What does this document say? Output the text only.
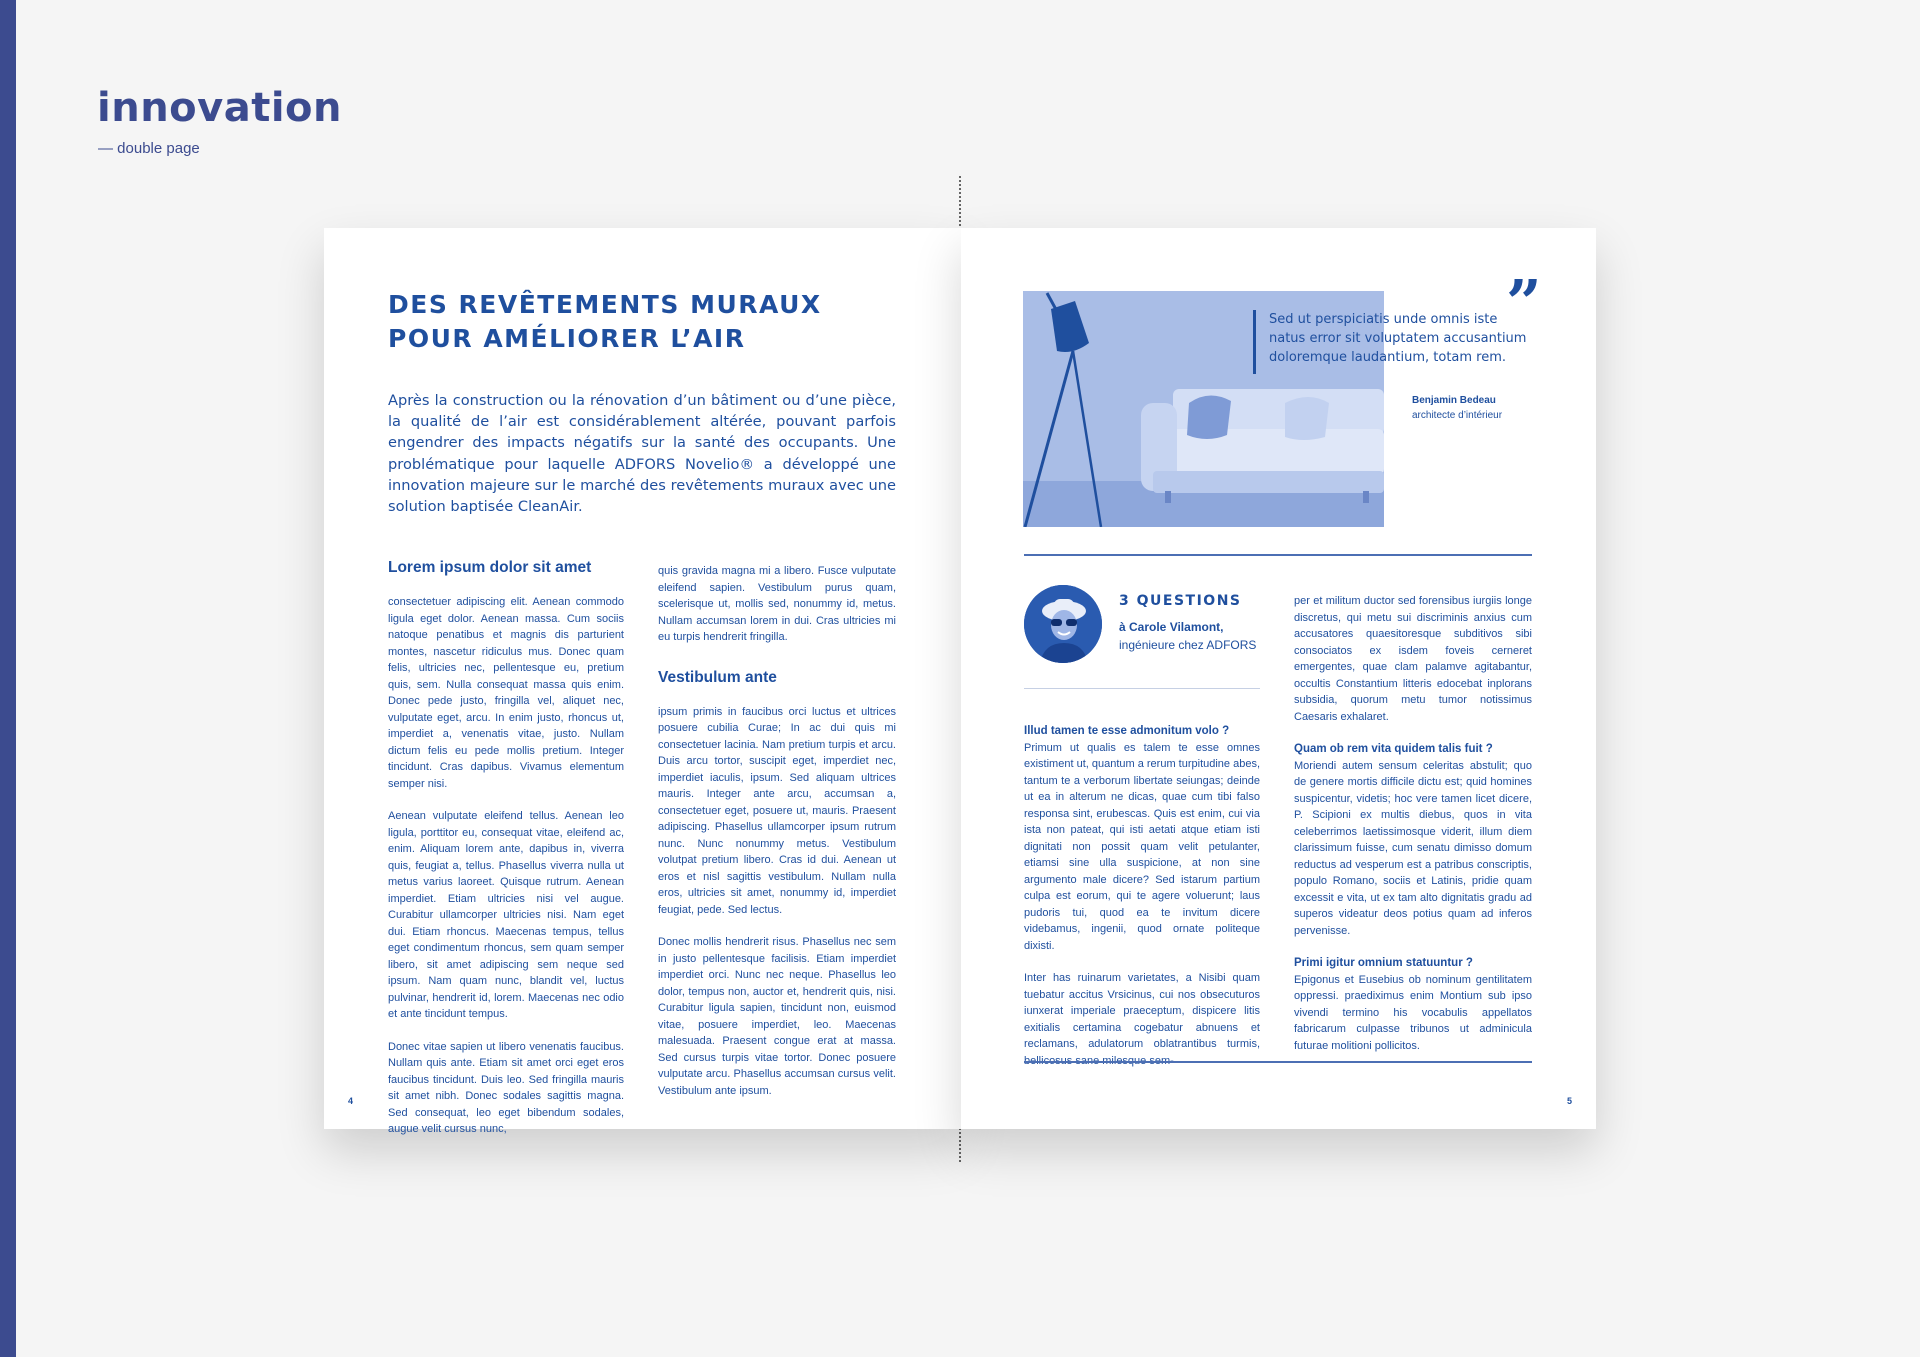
innovation
— double page
DES REVÊTEMENTS MURAUX
POUR AMÉLIORER L’AIR

Après la construction ou la rénovation d’un bâtiment ou d’une pièce, la qualité de l’air est considérablement altérée, pouvant parfois engendrer des impacts négatifs sur la santé des occupants. Une problématique pour laquelle ADFORS Novelio® a développé une innovation majeure sur le marché des revêtements muraux avec une solution baptisée CleanAir.

Lorem ipsum dolor sit amet

consectetuer adipiscing elit. Aenean commodo ligula eget dolor. Aenean massa. Cum sociis natoque penatibus et magnis dis parturient montes, nascetur ridiculus mus. Donec quam felis, ultricies nec, pellentesque eu, pretium quis, sem. Nulla consequat massa quis enim. Donec pede justo, fringilla vel, aliquet nec, vulputate eget, arcu. In enim justo, rhoncus ut, imperdiet a, venenatis vitae, justo. Nullam dictum felis eu pede mollis pretium. Integer tincidunt. Cras dapibus. Vivamus elementum semper nisi.

Aenean vulputate eleifend tellus. Aenean leo ligula, porttitor eu, consequat vitae, eleifend ac, enim. Aliquam lorem ante, dapibus in, viverra quis, feugiat a, tellus. Phasellus viverra nulla ut metus varius laoreet. Quisque rutrum. Aenean imperdiet. Etiam ultricies nisi vel augue. Curabitur ullamcorper ultricies nisi. Nam eget dui. Etiam rhoncus. Maecenas tempus, tellus eget condimentum rhoncus, sem quam semper libero, sit amet adipiscing sem neque sed ipsum. Nam quam nunc, blandit vel, luctus pulvinar, hendrerit id, lorem. Maecenas nec odio et ante tincidunt tempus.

Donec vitae sapien ut libero venenatis faucibus. Nullam quis ante. Etiam sit amet orci eget eros faucibus tincidunt. Duis leo. Sed fringilla mauris sit amet nibh. Donec sodales sagittis magna. Sed consequat, leo eget bibendum sodales, augue velit cursus nunc,

quis gravida magna mi a libero. Fusce vulputate eleifend sapien. Vestibulum purus quam, scelerisque ut, mollis sed, nonummy id, metus. Nullam accumsan lorem in dui. Cras ultricies mi eu turpis hendrerit fringilla.

Vestibulum ante

ipsum primis in faucibus orci luctus et ultrices posuere cubilia Curae; In ac dui quis mi consectetuer lacinia. Nam pretium turpis et arcu. Duis arcu tortor, suscipit eget, imperdiet nec, imperdiet iaculis, ipsum. Sed aliquam ultrices mauris. Integer ante arcu, accumsan a, consectetuer eget, posuere ut, mauris. Praesent adipiscing. Phasellus ullamcorper ipsum rutrum nunc. Nunc nonummy metus. Vestibulum volutpat pretium libero. Cras id dui. Aenean ut eros et nisl sagittis vestibulum. Nullam nulla eros, ultricies sit amet, nonummy id, imperdiet feugiat, pede. Sed lectus.

Donec mollis hendrerit risus. Phasellus nec sem in justo pellentesque facilisis. Etiam imperdiet imperdiet orci. Nunc nec neque. Phasellus leo dolor, tempus non, auctor et, hendrerit quis, nisi. Curabitur ligula sapien, tincidunt non, euismod vitae, posuere imperdiet, leo. Maecenas malesuada. Praesent congue erat at massa. Sed cursus turpis vitae tortor. Donec posuere vulputate arcu. Phasellus accumsan cursus velit. Vestibulum ante ipsum.

4
”

Sed ut perspiciatis unde omnis iste natus error sit voluptatem accusantium doloremque laudantium, totam rem.

Benjamin Bedeau
architecte d’intérieur
3 QUESTIONS
à Carole Vilamont,
ingénieure chez ADFORS

Illud tamen te esse admonitum volo ?

Primum ut qualis es talem te esse omnes existiment ut, quantum a rerum turpitudine abes, tantum te a verborum libertate seiungas; deinde ut ea in alterum ne dicas, quae cum tibi falso responsa sint, erubescas. Quis est enim, cui via ista non pateat, qui isti aetati atque etiam isti dignitati non possit quam velit petulanter, etiamsi sine ulla suspicione, at non sine argumento male dicere? Sed istarum partium culpa est eorum, qui te agere voluerunt; laus pudoris tui, quod ea te invitum dicere videbamus, ingenii, quod ornate politeque dixisti.

Inter has ruinarum varietates, a Nisibi quam tuebatur accitus Vrsicinus, cui nos obsecuturos iunxerat imperiale praeceptum, dispicere litis exitialis certamina cogebatur abnuens et reclamans, adulatorum oblatrantibus turmis,

per et militum ductor sed forensibus iurgiis longe discretus, qui metu sui discriminis anxius cum accusatores quaesitoresque subditivos sibi consociatos ex isdem foveis cerneret emergentes, quae clam palamve agitabantur, occultis Constantium litteris edocebat inplorans subsidia, quorum metu tumor notissimus Caesaris exhalaret.

Quam ob rem vita quidem talis fuit ?

Moriendi autem sensum celeritas abstulit; quo de genere mortis difficile dictu est; quid homines suspicentur, videtis; hoc vere tamen licet dicere, P. Scipioni ex multis diebus, quos in vita celeberrimos laetissimosque viderit, illum diem clarissimum fuisse, cum senatu dimisso domum reductus ad vesperum est a patribus conscriptis, populo Romano, sociis et Latinis, pridie quam excessit e vita, ut ex tam alto dignitatis gradu ad superos videatur deos potius quam ad inferos pervenisse.

Primi igitur omnium statuuntur ?

Epigonus et Eusebius ob nominum gentilitatem oppressi. praediximus enim Montium sub ipso vivendi termino his vocabulis appellatos fabricarum culpasse tribunos ut adminicula futurae molitioni pollicitos.

5
